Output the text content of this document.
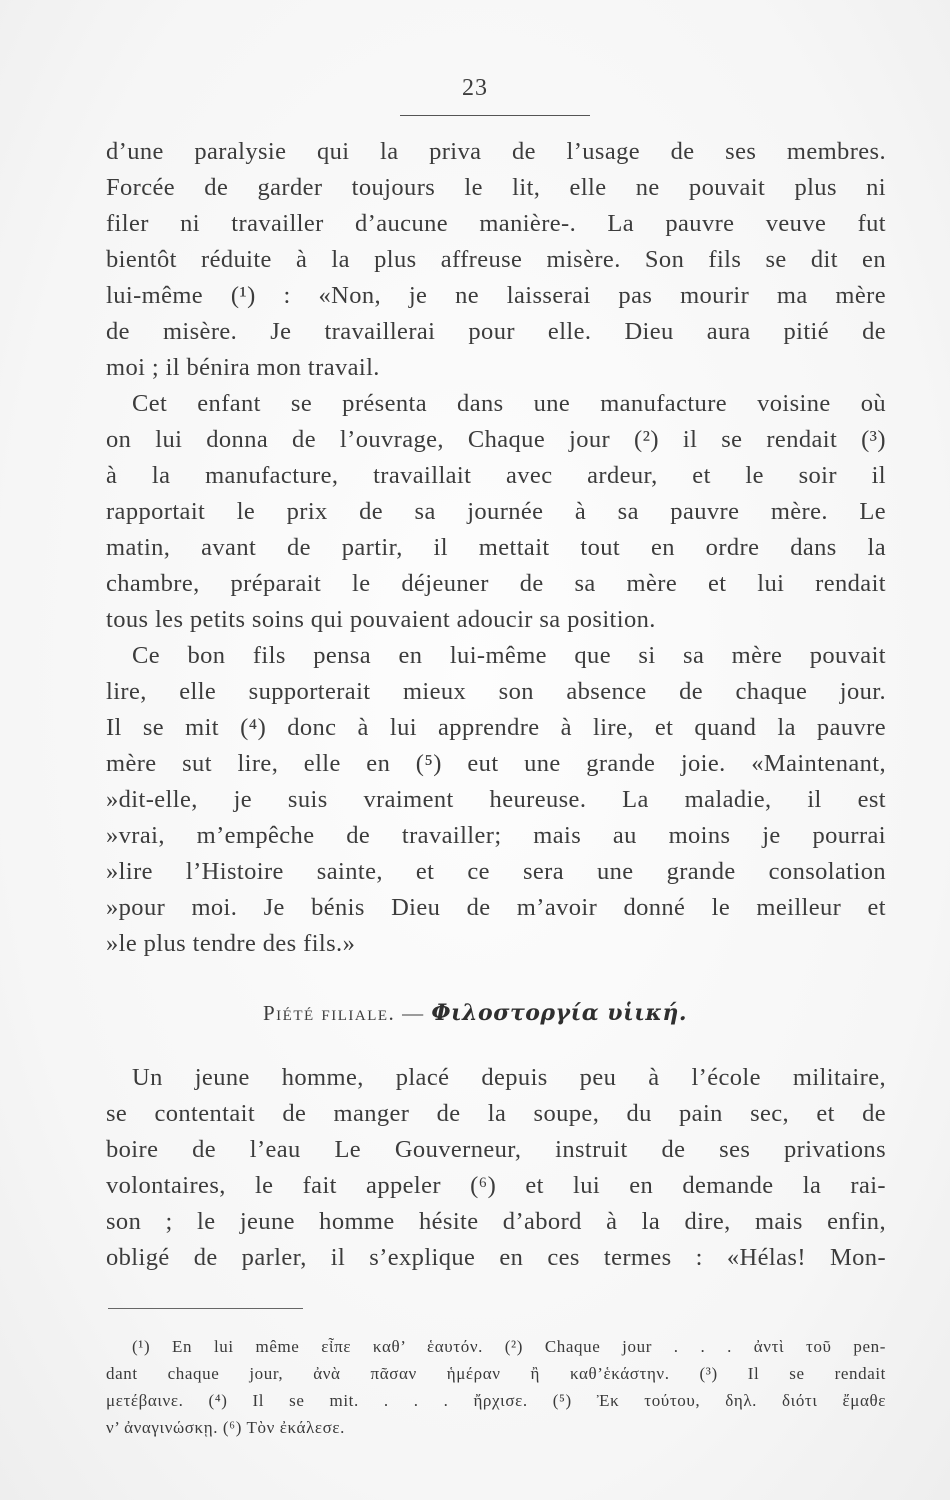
23
d’une paralysie qui la priva de l’usage de ses membres.
Forcée de garder toujours le lit, elle ne pouvait plus ni
filer ni travailler d’aucune manière-. La pauvre veuve fut
bientôt réduite à la plus affreuse misère. Son fils se dit en
lui-même (¹) : «Non, je ne laisserai pas mourir ma mère
de misère. Je travaillerai pour elle. Dieu aura pitié de
moi ; il bénira mon travail.
Cet enfant se présenta dans une manufacture voisine où
on lui donna de l’ouvrage, Chaque jour (²) il se rendait (³)
à la manufacture, travaillait avec ardeur, et le soir il
rapportait le prix de sa journée à sa pauvre mère. Le
matin, avant de partir, il mettait tout en ordre dans la
chambre, préparait le déjeuner de sa mère et lui rendait
tous les petits soins qui pouvaient adoucir sa position.
Ce bon fils pensa en lui-même que si sa mère pouvait
lire, elle supporterait mieux son absence de chaque jour.
Il se mit (⁴) donc à lui apprendre à lire, et quand la pauvre
mère sut lire, elle en (⁵) eut une grande joie. «Maintenant,
»dit-elle, je suis vraiment heureuse. La maladie, il est
»vrai, m’empêche de travailler; mais au moins je pourrai
»lire l’Histoire sainte, et ce sera une grande consolation
»pour moi. Je bénis Dieu de m’avoir donné le meilleur et
»le plus tendre des fils.»
Piété filiale. — Φιλοστοργία υἱική.
Un jeune homme, placé depuis peu à l’école militaire,
se contentait de manger de la soupe, du pain sec, et de
boire de l’eau Le Gouverneur, instruit de ses privations
volontaires, le fait appeler (⁶) et lui en demande la rai-
son ; le jeune homme hésite d’abord à la dire, mais enfin,
obligé de parler, il s’explique en ces termes : «Hélas! Mon-
(¹) En lui même εἶπε καθ’ ἑαυτόν. (²) Chaque jour . . . ἀντὶ τοῦ pen-
dant chaque jour, ἀνὰ πᾶσαν ἡμέραν ἢ καθ’ἑκάστην. (³) Il se rendait
μετέβαινε. (⁴) Il se mit. . . . ἤρχισε. (⁵) Ἐκ τούτου, δηλ. διότι ἔμαθε
ν’ ἀναγινώσκῃ. (⁶) Τὸν ἐκάλεσε.
